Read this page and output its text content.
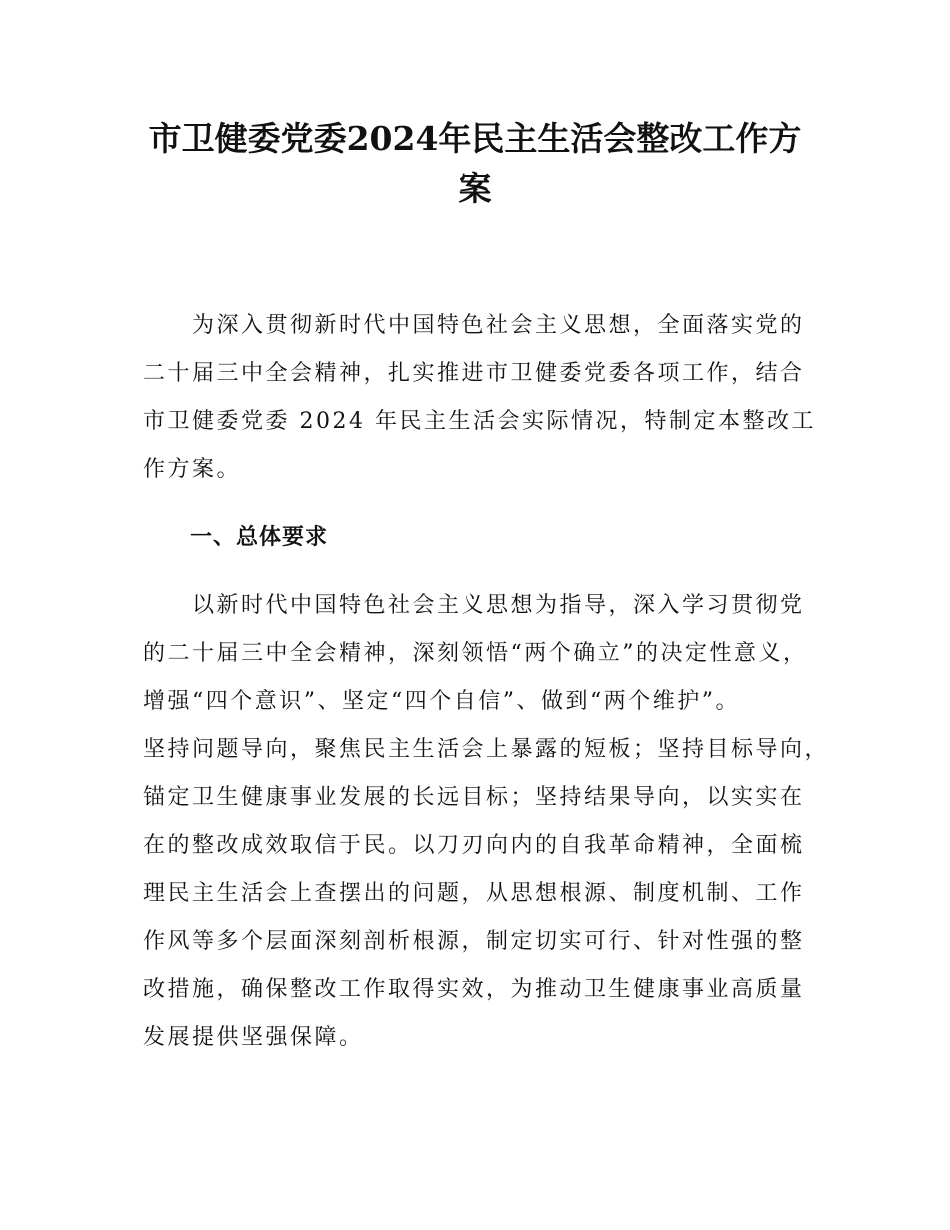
市卫健委党委2024年民主生活会整改工作方
案

　　为深入贯彻新时代中国特色社会主义思想，全面落实党的
二十届三中全会精神，扎实推进市卫健委党委各项工作，结合
市卫健委党委 2024 年民主生活会实际情况，特制定本整改工
作方案。

一、总体要求

　　以新时代中国特色社会主义思想为指导，深入学习贯彻党
的二十届三中全会精神，深刻领悟“两个确立”的决定性意义，
增强“四个意识”、坚定“四个自信”、做到“两个维护”。
坚持问题导向，聚焦民主生活会上暴露的短板；坚持目标导向，
锚定卫生健康事业发展的长远目标；坚持结果导向，以实实在
在的整改成效取信于民。以刀刃向内的自我革命精神，全面梳
理民主生活会上查摆出的问题，从思想根源、制度机制、工作
作风等多个层面深刻剖析根源，制定切实可行、针对性强的整
改措施，确保整改工作取得实效，为推动卫生健康事业高质量
发展提供坚强保障。
